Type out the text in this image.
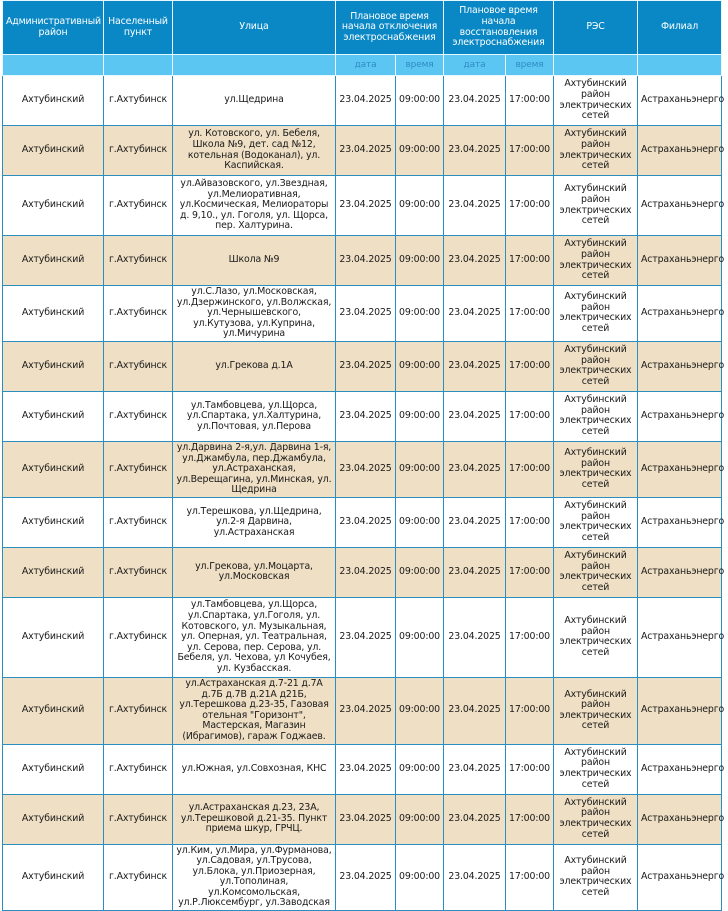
Административный район	Населенный пункт	Улица	Плановое время начала отключения электроснабжения		Плановое время начала восстановления электроснабжения		РЭС	Филиал
			дата	время	дата	время		
Ахтубинский	г.Ахтубинск	ул.Щедрина	23.04.2025	09:00:00	23.04.2025	17:00:00	Ахтубинский район электрических сетей	Астраханьэнерго
Ахтубинский	г.Ахтубинск	ул. Котовского, ул. Бебеля, Школа №9, дет. сад №12, котельная (Водоканал), ул. Каспийская.	23.04.2025	09:00:00	23.04.2025	17:00:00	Ахтубинский район электрических сетей	Астраханьэнерго
Ахтубинский	г.Ахтубинск	ул.Айвазовского, ул.Звездная, ул.Мелиоративная, ул.Космическая, Мелиораторы д. 9,10., ул. Гоголя, ул. Щорса, пер. Халтурина.	23.04.2025	09:00:00	23.04.2025	17:00:00	Ахтубинский район электрических сетей	Астраханьэнерго
Ахтубинский	г.Ахтубинск	Школа №9	23.04.2025	09:00:00	23.04.2025	17:00:00	Ахтубинский район электрических сетей	Астраханьэнерго
Ахтубинский	г.Ахтубинск	ул.С.Лазо, ул.Московская, ул.Дзержинского, ул.Волжская, ул.Чернышевского, ул.Кутузова, ул.Куприна, ул.Мичурина	23.04.2025	09:00:00	23.04.2025	17:00:00	Ахтубинский район электрических сетей	Астраханьэнерго
Ахтубинский	г.Ахтубинск	ул.Грекова д.1А	23.04.2025	09:00:00	23.04.2025	17:00:00	Ахтубинский район электрических сетей	Астраханьэнерго
Ахтубинский	г.Ахтубинск	ул.Тамбовцева, ул.Щорса, ул.Спартака, ул.Халтурина, ул.Почтовая, ул.Перова	23.04.2025	09:00:00	23.04.2025	17:00:00	Ахтубинский район электрических сетей	Астраханьэнерго
Ахтубинский	г.Ахтубинск	ул.Дарвина 2-я,ул. Дарвина 1-я, ул.Джамбула, пер.Джамбула, ул.Астраханская, ул.Верещагина, ул.Минская, ул. Щедрина	23.04.2025	09:00:00	23.04.2025	17:00:00	Ахтубинский район электрических сетей	Астраханьэнерго
Ахтубинский	г.Ахтубинск	ул.Терешкова, ул.Щедрина, ул.2-я Дарвина, ул.Астраханская	23.04.2025	09:00:00	23.04.2025	17:00:00	Ахтубинский район электрических сетей	Астраханьэнерго
Ахтубинский	г.Ахтубинск	ул.Грекова, ул.Моцарта, ул.Московская	23.04.2025	09:00:00	23.04.2025	17:00:00	Ахтубинский район электрических сетей	Астраханьэнерго
Ахтубинский	г.Ахтубинск	ул.Тамбовцева, ул.Щорса, ул.Спартака, ул.Гоголя, ул. Котовского, ул. Музыкальная, ул. Оперная, ул. Театральная, ул. Серова, пер. Серова, ул. Бебеля, ул. Чехова, ул Кочубея, ул. Кузбасская.	23.04.2025	09:00:00	23.04.2025	17:00:00	Ахтубинский район электрических сетей	Астраханьэнерго
Ахтубинский	г.Ахтубинск	ул.Астраханская д.7-21 д.7А д.7Б д.7В д.21А д21Б, ул.Терешкова д.23-35, Газовая отельная "Горизонт", Мастерская, Магазин (Ибрагимов), гараж Годжаев.	23.04.2025	09:00:00	23.04.2025	17:00:00	Ахтубинский район электрических сетей	Астраханьэнерго
Ахтубинский	г.Ахтубинск	ул.Южная, ул.Совхозная, КНС	23.04.2025	09:00:00	23.04.2025	17:00:00	Ахтубинский район электрических сетей	Астраханьэнерго
Ахтубинский	г.Ахтубинск	ул.Астраханская д.23, 23А, ул.Терешковой д.21-35. Пункт приема шкур, ГРЧЦ.	23.04.2025	09:00:00	23.04.2025	17:00:00	Ахтубинский район электрических сетей	Астраханьэнерго
Ахтубинский	г.Ахтубинск	ул.Ким, ул.Мира, ул.Фурманова, ул.Садовая, ул.Трусова, ул.Блока, ул.Приозерная, ул.Тополиная, ул.Комсомольская, ул.Р.Люксембург, ул.Заводская	23.04.2025	09:00:00	23.04.2025	17:00:00	Ахтубинский район электрических сетей	Астраханьэнерго
